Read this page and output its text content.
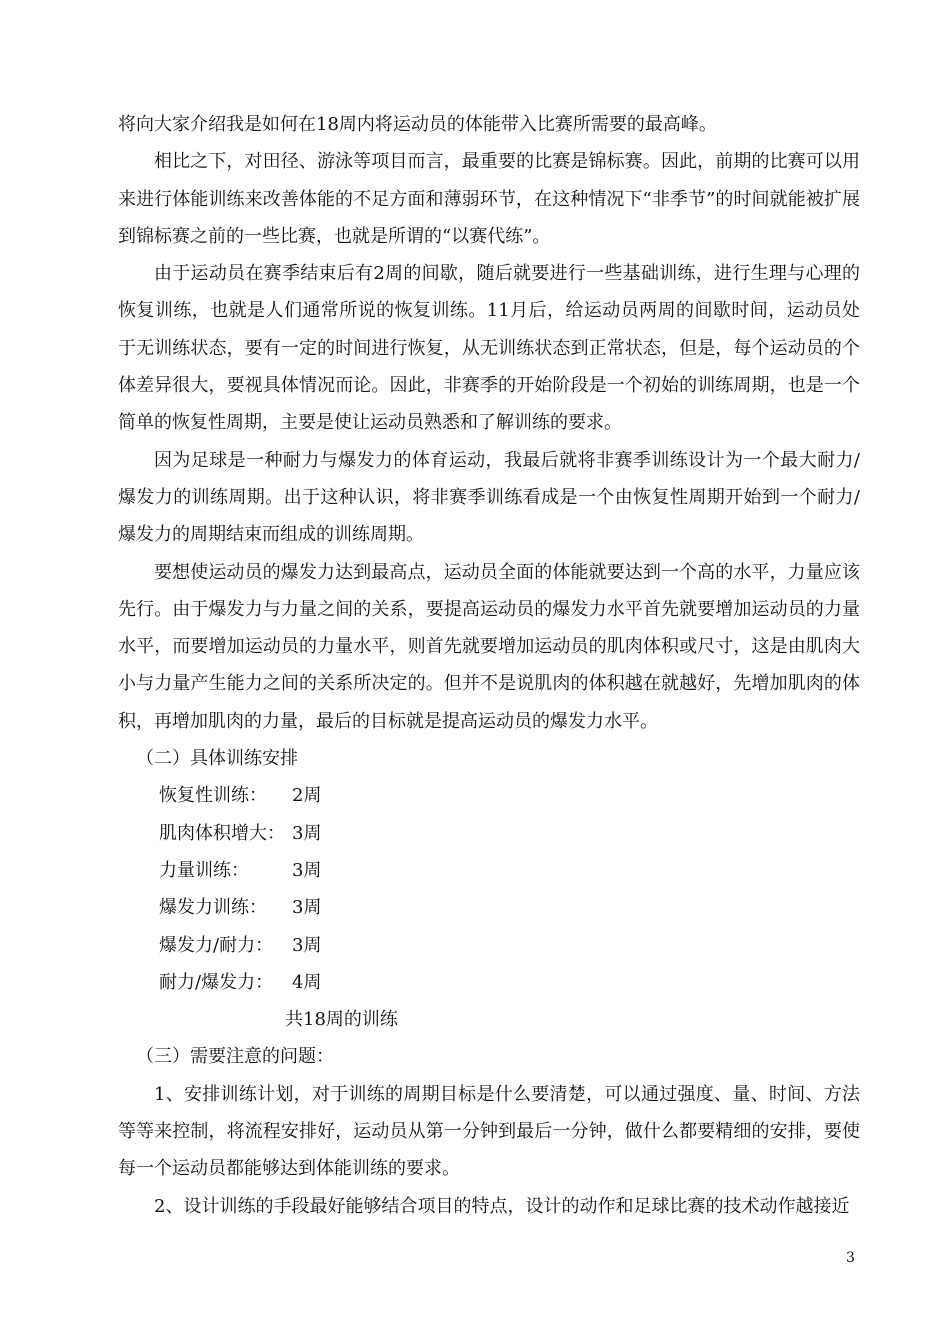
将向大家介绍我是如何在18周内将运动员的体能带入比赛所需要的最高峰。

相比之下，对田径、游泳等项目而言，最重要的比赛是锦标赛。因此，前期的比赛可以用来进行体能训练来改善体能的不足方面和薄弱环节，在这种情况下“非季节”的时间就能被扩展到锦标赛之前的一些比赛，也就是所谓的“以赛代练”。

由于运动员在赛季结束后有2周的间歇，随后就要进行一些基础训练，进行生理与心理的恢复训练，也就是人们通常所说的恢复训练。11月后，给运动员两周的间歇时间，运动员处于无训练状态，要有一定的时间进行恢复，从无训练状态到正常状态，但是，每个运动员的个体差异很大，要视具体情况而论。因此，非赛季的开始阶段是一个初始的训练周期，也是一个简单的恢复性周期，主要是使让运动员熟悉和了解训练的要求。

因为足球是一种耐力与爆发力的体育运动，我最后就将非赛季训练设计为一个最大耐力/爆发力的训练周期。出于这种认识，将非赛季训练看成是一个由恢复性周期开始到一个耐力/爆发力的周期结束而组成的训练周期。

要想使运动员的爆发力达到最高点，运动员全面的体能就要达到一个高的水平，力量应该先行。由于爆发力与力量之间的关系，要提高运动员的爆发力水平首先就要增加运动员的力量水平，而要增加运动员的力量水平，则首先就要增加运动员的肌肉体积或尺寸，这是由肌肉大小与力量产生能力之间的关系所决定的。但并不是说肌肉的体积越在就越好，先增加肌肉的体积，再增加肌肉的力量，最后的目标就是提高运动员的爆发力水平。

（二）具体训练安排

恢复性训练：	2周

肌肉体积增大： 3周

力量训练：	3周

爆发力训练：	3周

爆发力/耐力：	3周

耐力/爆发力：	4周

共18周的训练

（三）需要注意的问题：

1、安排训练计划，对于训练的周期目标是什么要清楚，可以通过强度、量、时间、方法等等来控制，将流程安排好，运动员从第一分钟到最后一分钟，做什么都要精细的安排，要使每一个运动员都能够达到体能训练的要求。

2、设计训练的手段最好能够结合项目的特点，设计的动作和足球比赛的技术动作越接近

3
